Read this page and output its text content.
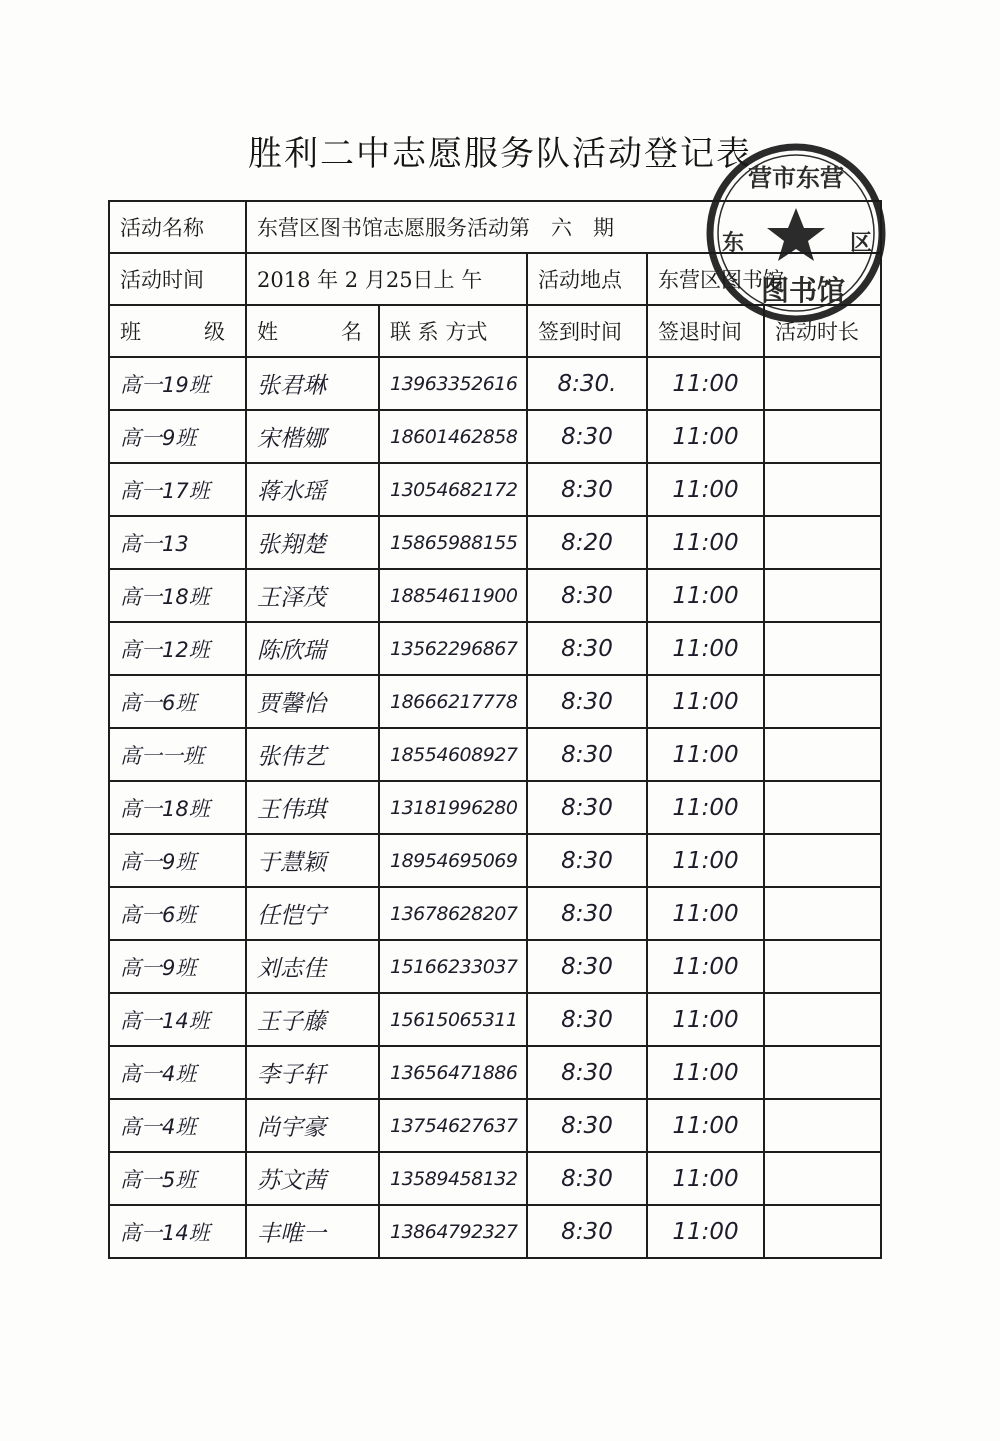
胜利二中志愿服务队活动登记表
活动名称	东营区图书馆志愿服务活动第　六　期				
活动时间	2018 年 2 月25日上 午		活动地点	东营区图书馆	
班　　　级	姓　　　名	联 系 方式	签到时间	签退时间	活动时长
高一19班	张君琳	13963352616	8:30.	11:00	
高一9班	宋楷娜	18601462858	8:30	11:00	
高一17班	蒋水瑶	13054682172	8:30	11:00	
高一13	张翔楚	15865988155	8:20	11:00	
高一18班	王泽茂	18854611900	8:30	11:00	
高一12班	陈欣瑞	13562296867	8:30	11:00	
高一6班	贾馨怡	18666217778	8:30	11:00	
高一一班	张伟艺	18554608927	8:30	11:00	
高一18班	王伟琪	13181996280	8:30	11:00	
高一9班	于慧颖	18954695069	8:30	11:00	
高一6班	任恺宁	13678628207	8:30	11:00	
高一9班	刘志佳	15166233037	8:30	11:00	
高一14班	王子藤	15615065311	8:30	11:00	
高一4班	李子轩	13656471886	8:30	11:00	
高一4班	尚宇豪	13754627637	8:30	11:00	
高一5班	苏文茜	13589458132	8:30	11:00	
高一14班	丰唯一	13864792327	8:30	11:00	
营市东营
东	区
图书馆
